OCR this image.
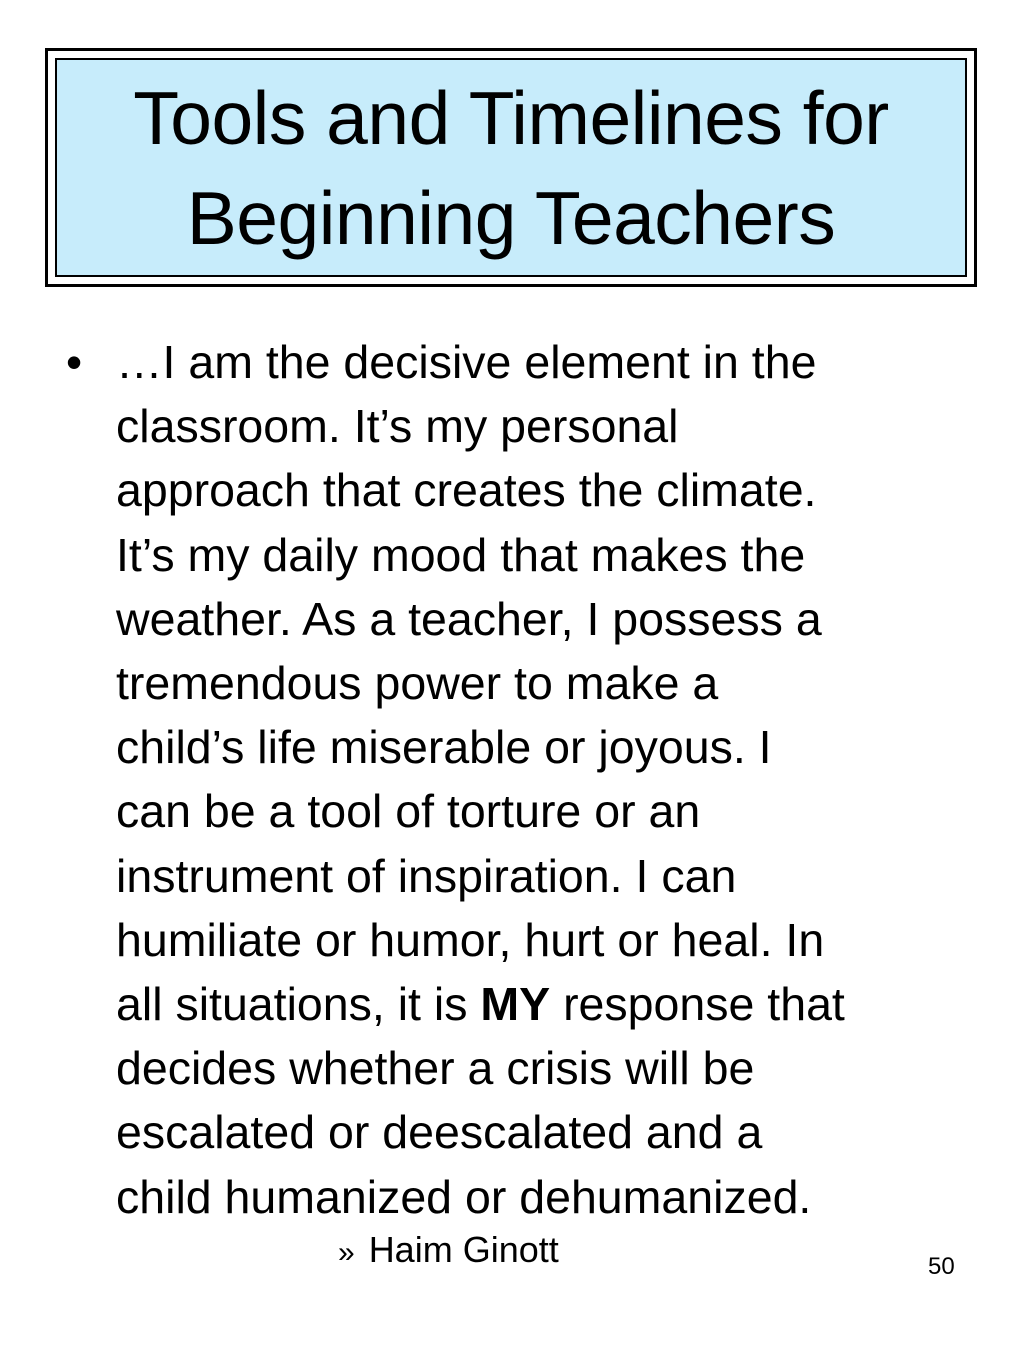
Tools and Timelines for
Beginning Teachers
• …I am the decisive element in the
classroom. It’s my personal
approach that creates the climate.
It’s my daily mood that makes the
weather. As a teacher, I possess a
tremendous power to make a
child’s life miserable or joyous. I
can be a tool of torture or an
instrument of inspiration. I can
humiliate or humor, hurt or heal. In
all situations, it is MY response that
decides whether a crisis will be
escalated or deescalated and a
child humanized or dehumanized.

» Haim Ginott	50
